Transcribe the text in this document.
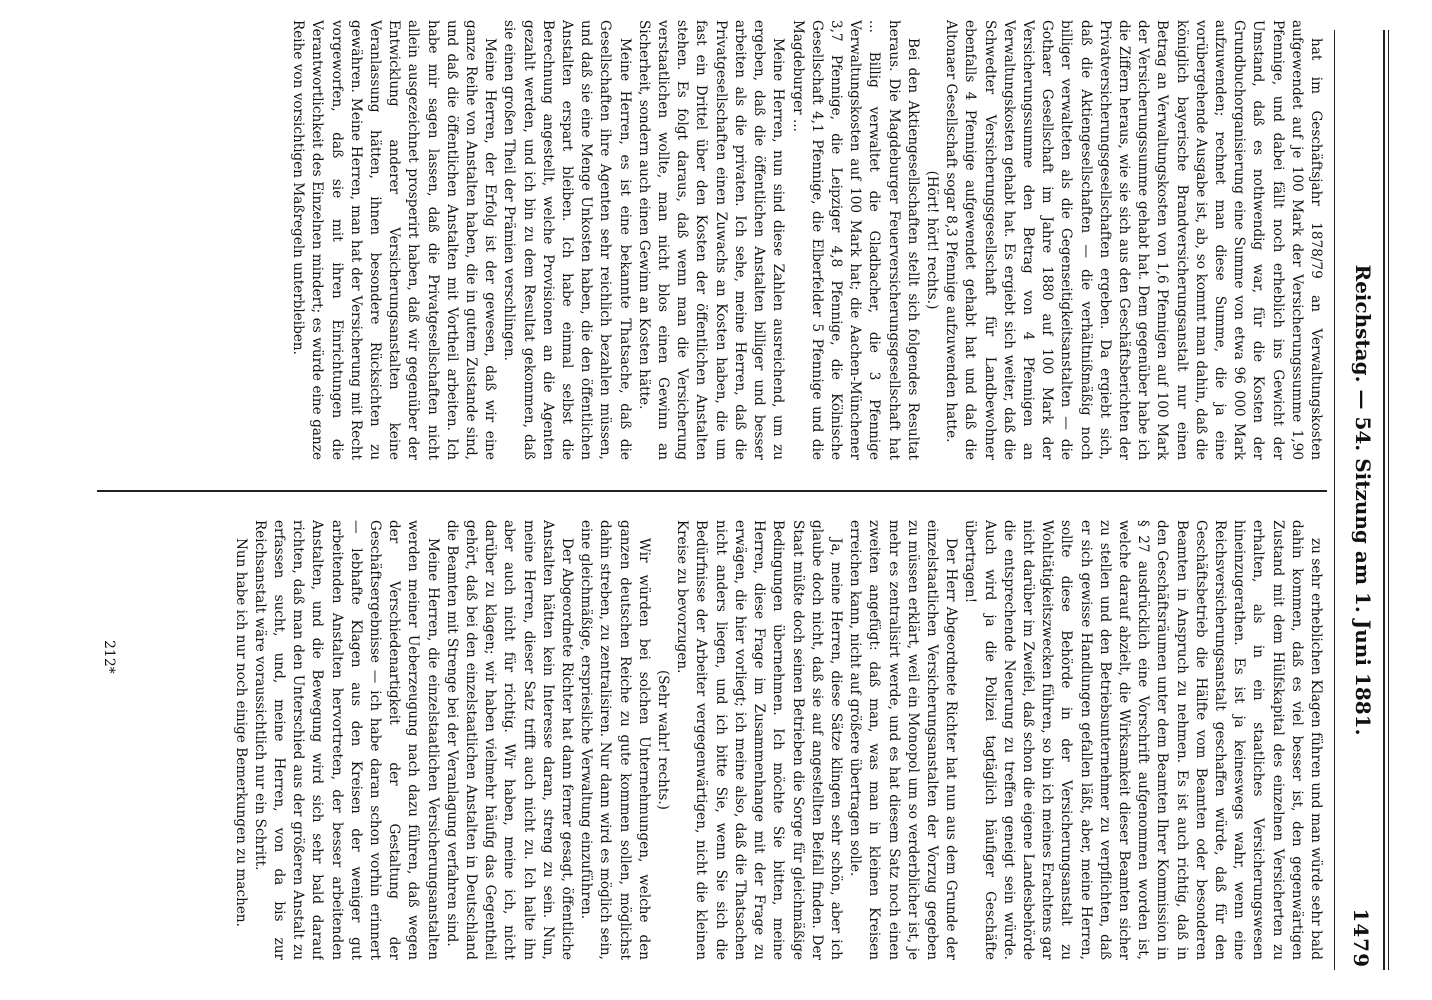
Reichstag. — 54. Sitzung am 1. Juni 1881.
1479

hat im Geschäftsjahr 1878/79 an Verwaltungskosten aufgewendet auf je 100 Mark der Versicherungssumme 1,90 Pfennige, und dabei fällt noch erheblich ins Gewicht der Umstand, daß es nothwendig war, für die Kosten der Grundbuchorganisierung eine Summe von etwa 96 000 Mark aufzuwenden; rechnet man diese Summe, die ja eine vorübergehende Ausgabe ist, ab, so kommt man dahin, daß die königlich bayerische Brandversicherungsanstalt nur einen Betrag an Verwaltungskosten von 1,6 Pfennigen auf 100 Mark der Versicherungssumme gehabt hat. Dem gegenüber habe ich die Ziffern heraus, wie sie sich aus den Geschäftsberichten der Privatversicherungsgesellschaften ergeben. Da ergiebt sich, daß die Aktiengesellschaften — die verhältnißmäßig noch billiger verwalteten als die Gegenseitigkeitsanstalten — die Gothaer Gesellschaft im Jahre 1880 auf 100 Mark der Versicherungssumme den Betrag von 4 Pfennigen an Verwaltungskosten gehabt hat. Es ergiebt sich weiter, daß die Schwedter Versicherungsgesellschaft für Landbewohner ebenfalls 4 Pfennige aufgewendet gehabt hat und daß die Altonaer Gesellschaft sogar 8,3 Pfennige aufzuwenden hatte.

(Hört! hört! rechts.)

Bei den Aktiengesellschaften stellt sich folgendes Resultat heraus. Die Magdeburger Feuerversicherungsgesellschaft hat ... Billig verwaltet die Gladbacher, die 3 Pfennige Verwaltungskosten auf 100 Mark hat; die Aachen-Münchener 3,7 Pfennige, die Leipziger 4,8 Pfennige, die Kölnische Gesellschaft 4,1 Pfennige, die Elberfelder 5 Pfennige und die Magdeburger ...

Meine Herren, nun sind diese Zahlen ausreichend, um zu ergeben, daß die öffentlichen Anstalten billiger und besser arbeiten als die privaten. Ich sehe, meine Herren, daß die Privatgesellschaften einen Zuwachs an Kosten haben, die um fast ein Drittel über den Kosten der öffentlichen Anstalten stehen. Es folgt daraus, daß wenn man die Versicherung verstaatlichen wollte, man nicht blos einen Gewinn an Sicherheit, sondern auch einen Gewinn an Kosten hätte.

Meine Herren, es ist eine bekannte Thatsache, daß die Gesellschaften ihre Agenten sehr reichlich bezahlen müssen, und daß sie eine Menge Unkosten haben, die den öffentlichen Anstalten erspart bleiben. Ich habe einmal selbst die Berechnung angestellt, welche Provisionen an die Agenten gezahlt werden, und ich bin zu dem Resultat gekommen, daß sie einen großen Theil der Prämien verschlingen.

Meine Herren, der Erfolg ist der gewesen, daß wir eine ganze Reihe von Anstalten haben, die in gutem Zustande sind, und daß die öffentlichen Anstalten mit Vortheil arbeiten. Ich habe mir sagen lassen, daß die Privatgesellschaften nicht allein ausgezeichnet prosperirt haben, daß wir gegenüber der Entwicklung anderer Versicherungsanstalten keine Veranlassung hätten, ihnen besondere Rücksichten zu gewähren. Meine Herren, man hat der Versicherung mit Recht vorgeworfen, daß sie mit ihren Einrichtungen die Verantwortlichkeit des Einzelnen mindert; es würde eine ganze Reihe von vorsichtigen Maßregeln unterbleiben.

zu sehr erheblichen Klagen führen und man würde sehr bald dahin kommen, daß es viel besser ist, den gegenwärtigen Zustand mit dem Hülfskapital des einzelnen Versicherten zu erhalten, als in ein staatliches Versicherungswesen hineinzugerathen. Es ist ja keineswegs wahr, wenn eine Reichsversicherungsanstalt geschaffen würde, daß für den Geschäftsbetrieb die Hälfte vom Beamten oder besonderen Beamten in Anspruch zu nehmen. Es ist auch richtig, daß in den Geschäftsräumen unter dem Beamten Ihrer Kommission in § 27 ausdrücklich eine Vorschrift aufgenommen worden ist, welche darauf abzielt, die Wirksamkeit dieser Beamten sicher zu stellen und den Betriebsunternehmer zu verpflichten, daß er sich gewisse Handlungen gefallen läßt, aber, meine Herren, sollte diese Behörde in der Versicherungsanstalt zu Wohltätigkeitszwecken führen, so bin ich meines Erachtens gar nicht darüber im Zweifel, daß schon die eigene Landesbehörde die entsprechende Neuerung zu treffen geneigt sein würde. Auch wird ja die Polizei tagtäglich häufiger Geschäfte übertragen!

Der Herr Abgeordnete Richter hat nun aus dem Grunde der einzelstaatlichen Versicherungsanstalten der Vorzug gegeben zu müssen erklärt, weil ein Monopol um so verderblicher ist, je mehr es zentralisirt werde, und es hat diesem Satz noch einen zweiten angefügt: daß man, was man in kleinen Kreisen erreichen kann, nicht auf größere übertragen solle.

Ja, meine Herren, diese Sätze klingen sehr schön, aber ich glaube doch nicht, daß sie auf angestellten Beifall finden. Der Staat müßte doch seinen Betrieben die Sorge für gleichmäßige Bedingungen übernehmen. Ich möchte Sie bitten, meine Herren, diese Frage im Zusammenhange mit der Frage zu erwägen, die hier vorliegt; ich meine also, daß die Thatsachen nicht anders liegen, und ich bitte Sie, wenn Sie sich die Bedürfnisse der Arbeiter vergegenwärtigen, nicht die kleinen Kreise zu bevorzugen.

(Sehr wahr! rechts.)

Wir würden bei solchen Unternehmungen, welche den ganzen deutschen Reiche zu gute kommen sollen, möglichst dahin streben, zu zentralisiren. Nur dann wird es möglich sein, eine gleichmäßige, erspriesliche Verwaltung einzuführen.

Der Abgeordnete Richter hat dann ferner gesagt, öffentliche Anstalten hätten kein Interesse daran, streng zu sein. Nun, meine Herren, dieser Satz trifft auch nicht zu. Ich halte ihn aber auch nicht für richtig. Wir haben, meine ich, nicht darüber zu klagen; wir haben vielmehr häufig das Gegentheil gehört, daß bei den einzelstaatlichen Anstalten in Deutschland die Beamten mit Strenge bei der Veranlagung verfahren sind.

Meine Herren, die einzelstaatlichen Versicherungsanstalten werden meiner Ueberzeugung nach dazu führen, daß wegen der Verschiedenartigkeit der Gestaltung der Geschäftsergebnisse — ich habe daran schon vorhin erinnert — lebhafte Klagen aus den Kreisen der weniger gut arbeitenden Anstalten hervortreten, der besser arbeitenden Anstalten, und die Bewegung wird sich sehr bald darauf richten, daß man den Unterschied aus der größeren Anstalt zu erfassen sucht, und, meine Herren, von da bis zur Reichsanstalt wäre voraussichtlich nur ein Schritt.

Nun habe ich nur noch einige Bemerkungen zu machen.

212*
